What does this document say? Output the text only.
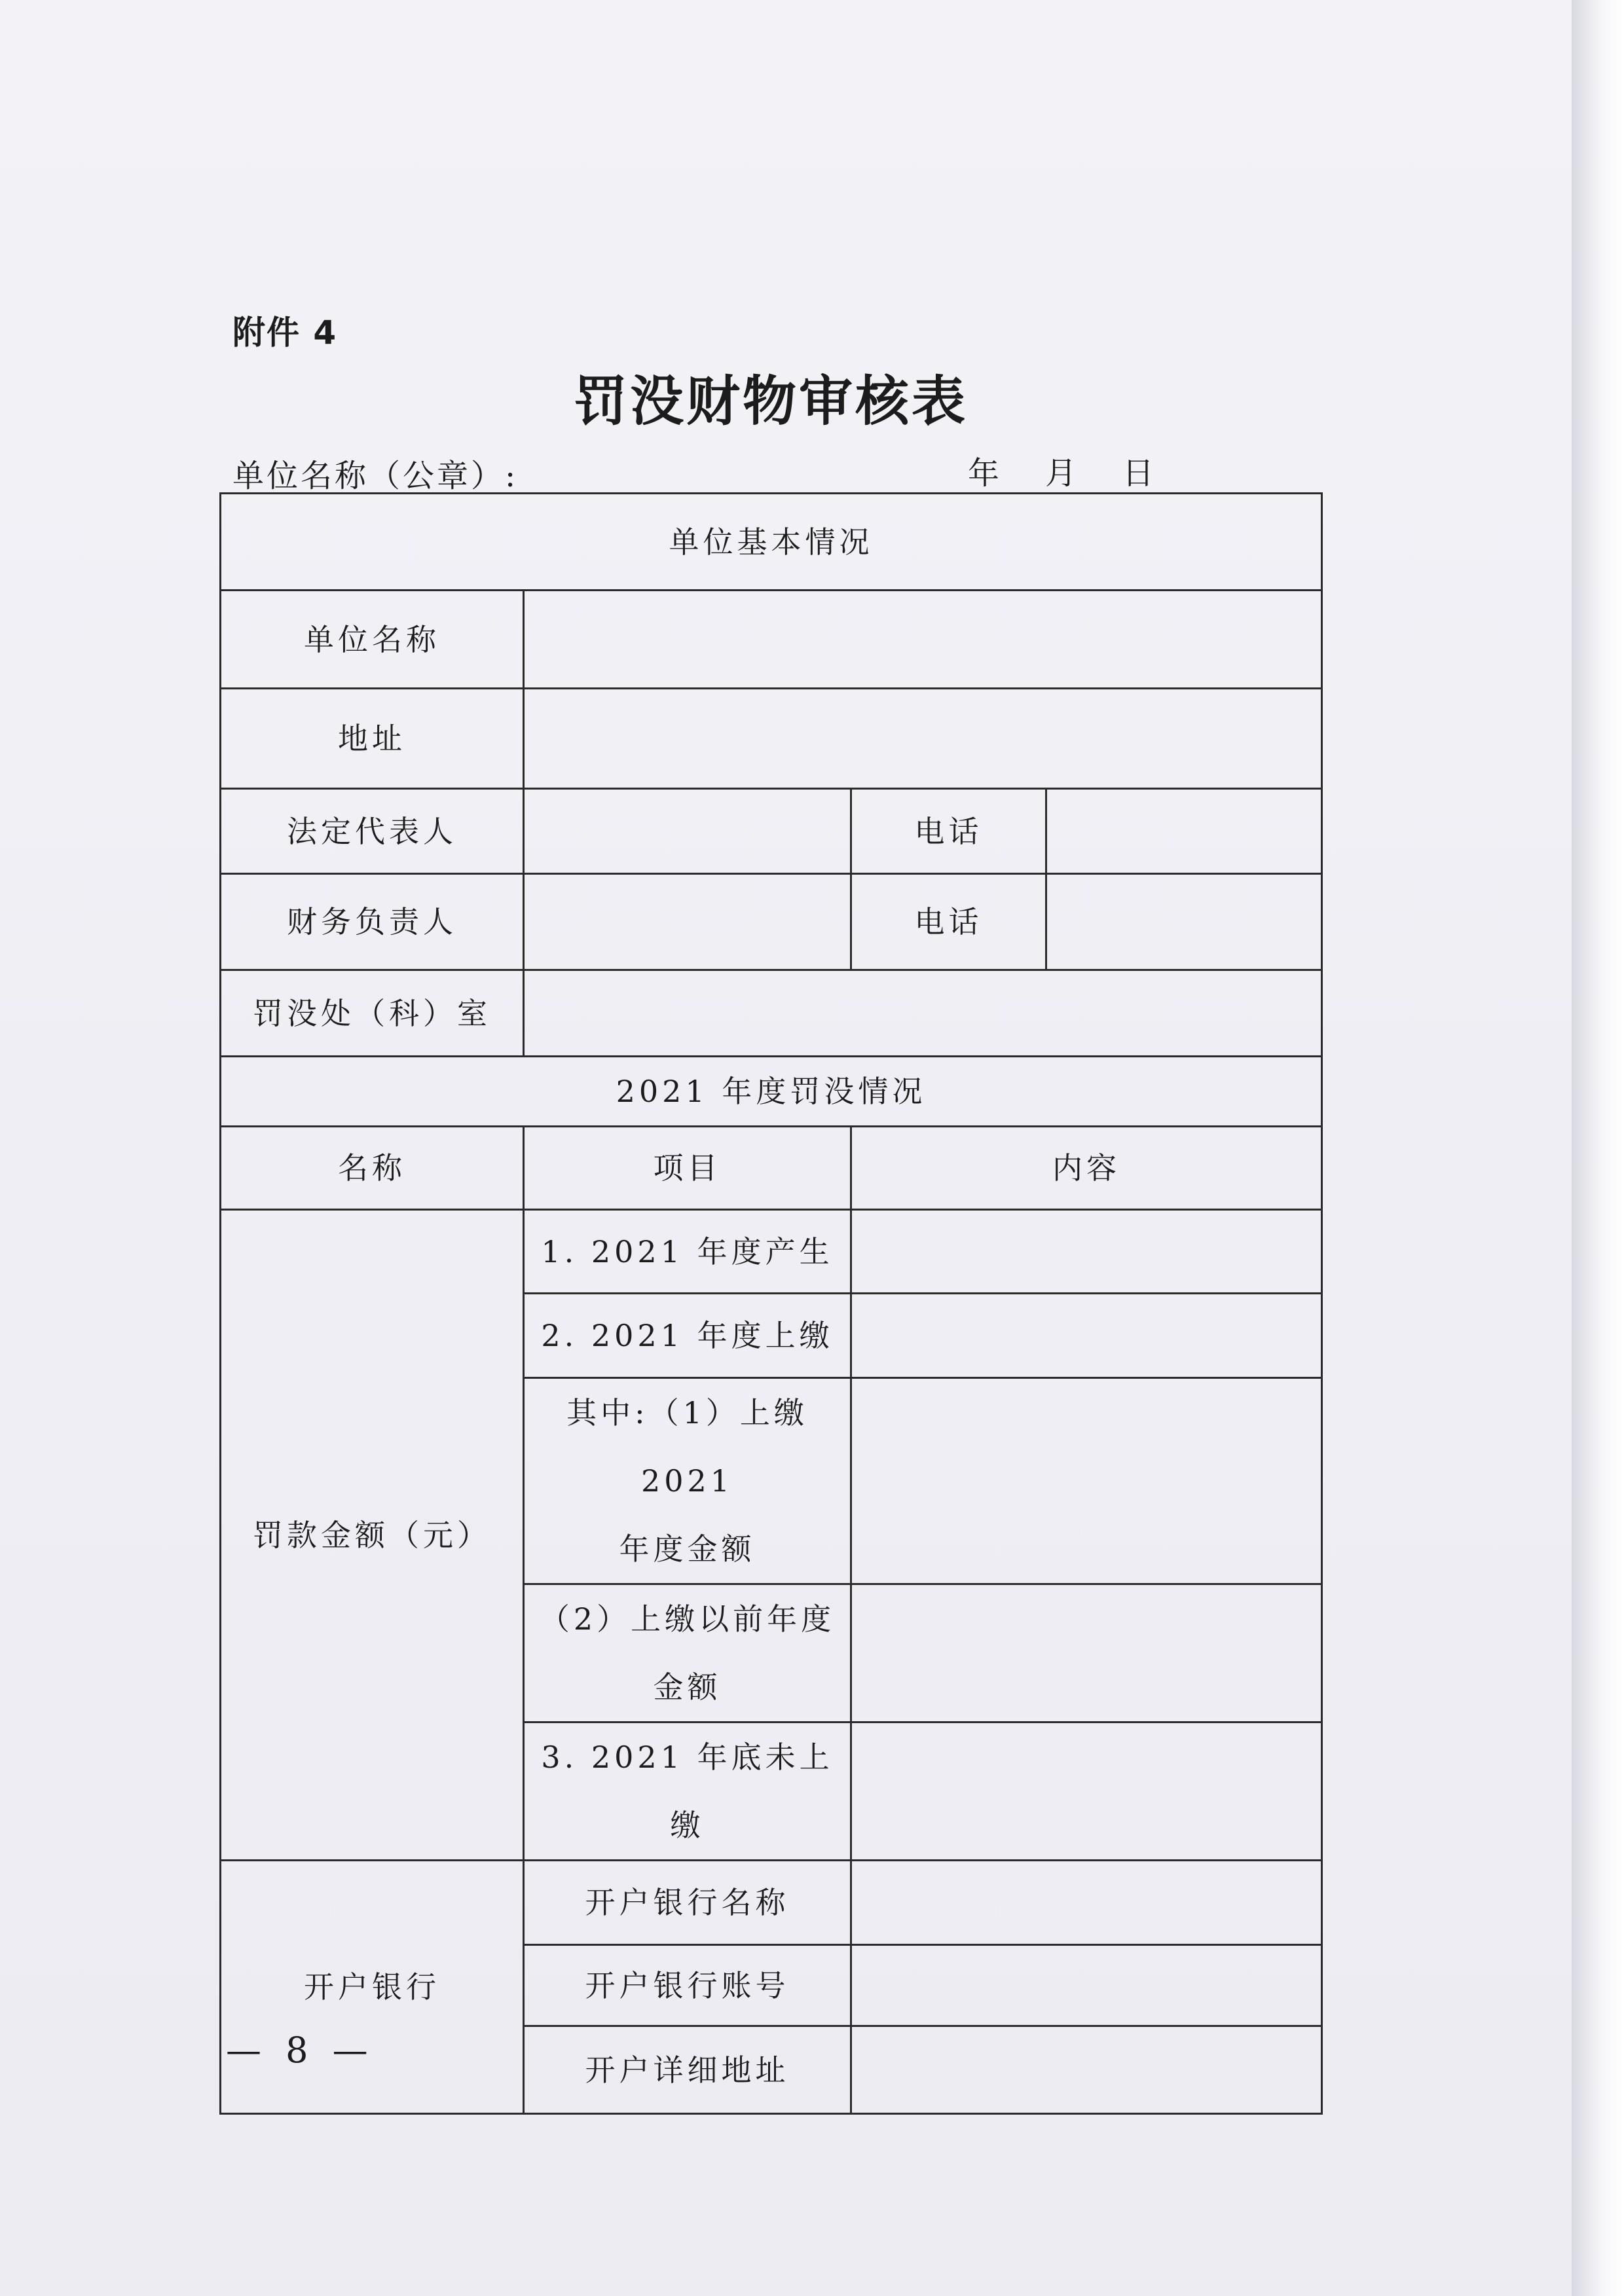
附件 4
罚没财物审核表
单位名称（公章）:	年 月 日
单位基本情况			
单位名称			
地址			
法定代表人		电话	
财务负责人		电话	
罚没处（科）室			
2021 年度罚没情况			
名称	项目	内容	
罚款金额（元）	1. 2021 年度产生		
	2. 2021 年度上缴		
	其中:（1）上缴 2021
年度金额		
	（2）上缴以前年度
金额		
	3. 2021 年底未上缴		
开户银行	开户银行名称		
	开户银行账号		
	开户详细地址		
— 8 —
